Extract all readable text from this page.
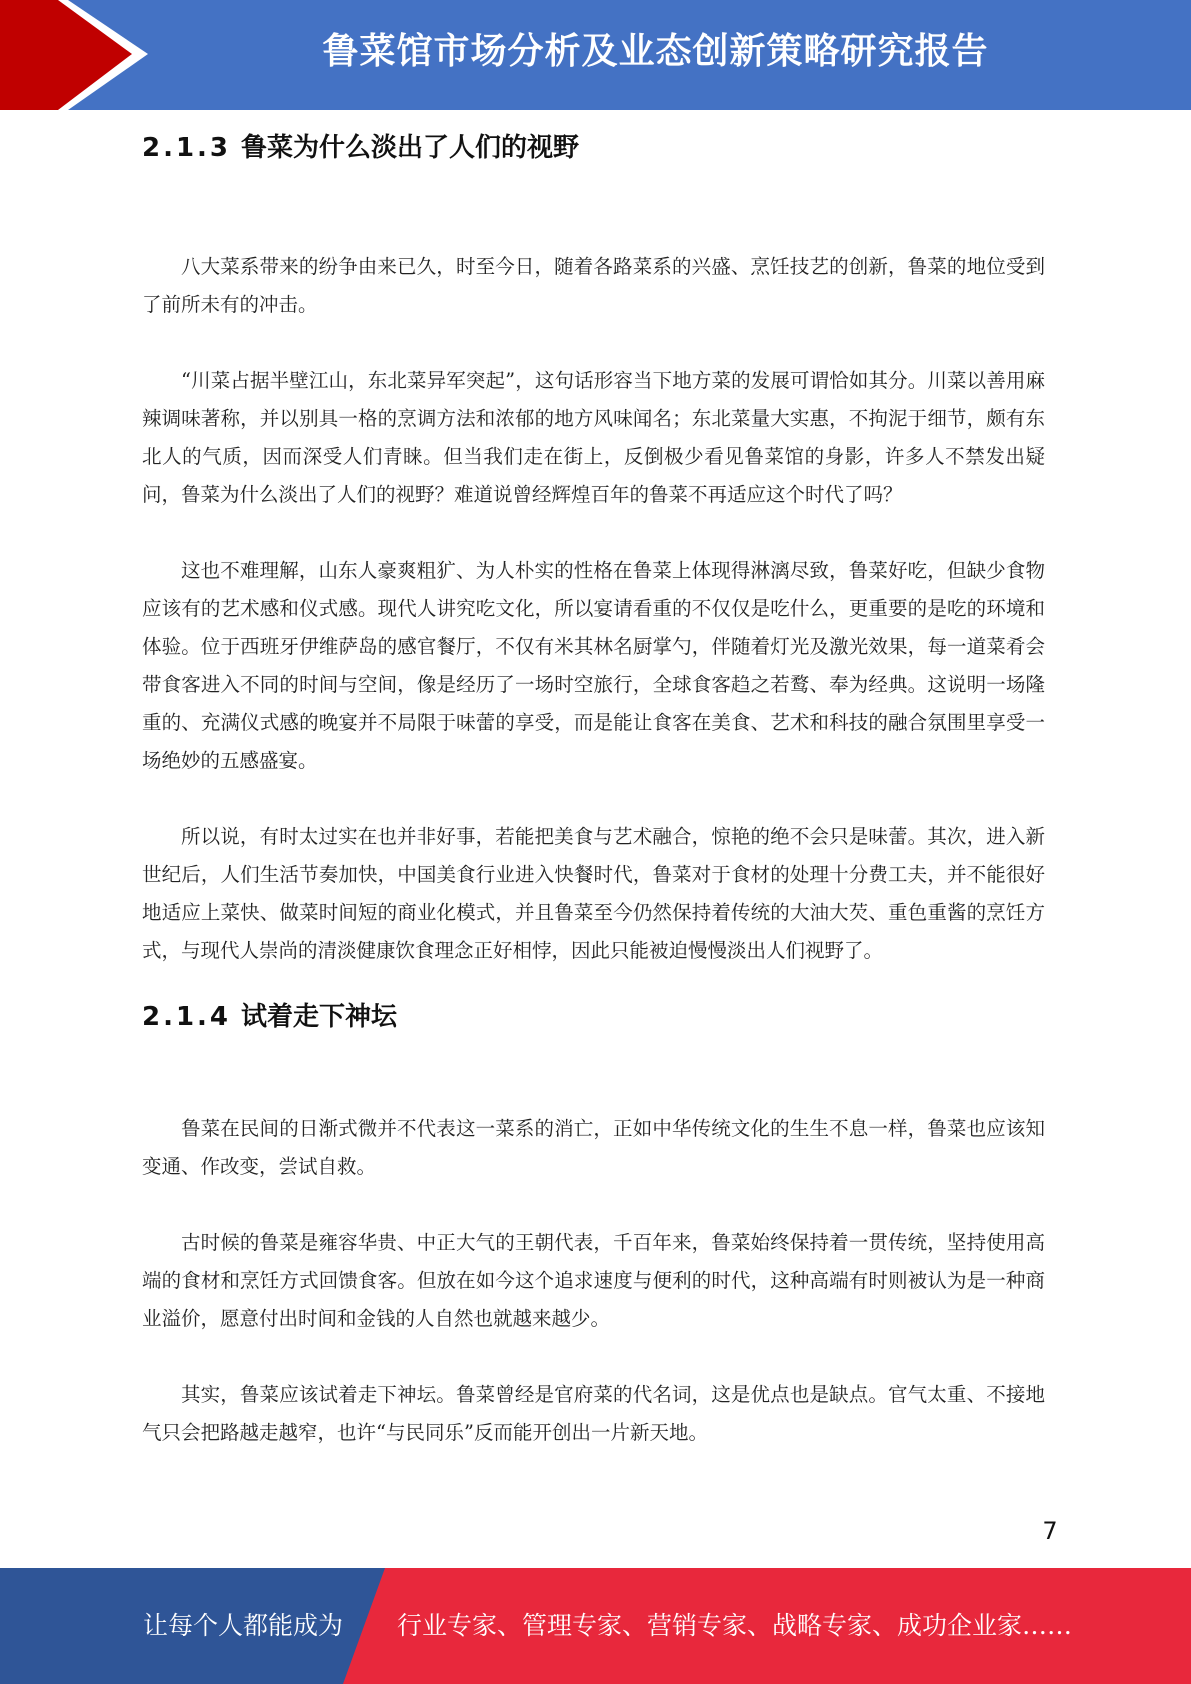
鲁菜馆市场分析及业态创新策略研究报告
2.1.3 鲁菜为什么淡出了人们的视野

八大菜系带来的纷争由来已久，时至今日，随着各路菜系的兴盛、烹饪技艺的创新，鲁菜的地位受到了前所未有的冲击。

“川菜占据半壁江山，东北菜异军突起”，这句话形容当下地方菜的发展可谓恰如其分。川菜以善用麻辣调味著称，并以别具一格的烹调方法和浓郁的地方风味闻名；东北菜量大实惠，不拘泥于细节，颇有东北人的气质，因而深受人们青睐。但当我们走在街上，反倒极少看见鲁菜馆的身影，许多人不禁发出疑问，鲁菜为什么淡出了人们的视野？难道说曾经辉煌百年的鲁菜不再适应这个时代了吗？

这也不难理解，山东人豪爽粗犷、为人朴实的性格在鲁菜上体现得淋漓尽致，鲁菜好吃，但缺少食物应该有的艺术感和仪式感。现代人讲究吃文化，所以宴请看重的不仅仅是吃什么，更重要的是吃的环境和体验。位于西班牙伊维萨岛的感官餐厅，不仅有米其林名厨掌勺，伴随着灯光及激光效果，每一道菜肴会带食客进入不同的时间与空间，像是经历了一场时空旅行，全球食客趋之若鹜、奉为经典。这说明一场隆重的、充满仪式感的晚宴并不局限于味蕾的享受，而是能让食客在美食、艺术和科技的融合氛围里享受一场绝妙的五感盛宴。

所以说，有时太过实在也并非好事，若能把美食与艺术融合，惊艳的绝不会只是味蕾。其次，进入新世纪后，人们生活节奏加快，中国美食行业进入快餐时代，鲁菜对于食材的处理十分费工夫，并不能很好地适应上菜快、做菜时间短的商业化模式，并且鲁菜至今仍然保持着传统的大油大芡、重色重酱的烹饪方式，与现代人崇尚的清淡健康饮食理念正好相悖，因此只能被迫慢慢淡出人们视野了。

2.1.4 试着走下神坛

鲁菜在民间的日渐式微并不代表这一菜系的消亡，正如中华传统文化的生生不息一样，鲁菜也应该知变通、作改变，尝试自救。

古时候的鲁菜是雍容华贵、中正大气的王朝代表，千百年来，鲁菜始终保持着一贯传统，坚持使用高端的食材和烹饪方式回馈食客。但放在如今这个追求速度与便利的时代，这种高端有时则被认为是一种商业溢价，愿意付出时间和金钱的人自然也就越来越少。

其实，鲁菜应该试着走下神坛。鲁菜曾经是官府菜的代名词，这是优点也是缺点。官气太重、不接地气只会把路越走越窄，也许“与民同乐”反而能开创出一片新天地。

7
让每个人都能成为 行业专家、管理专家、营销专家、战略专家、成功企业家……
